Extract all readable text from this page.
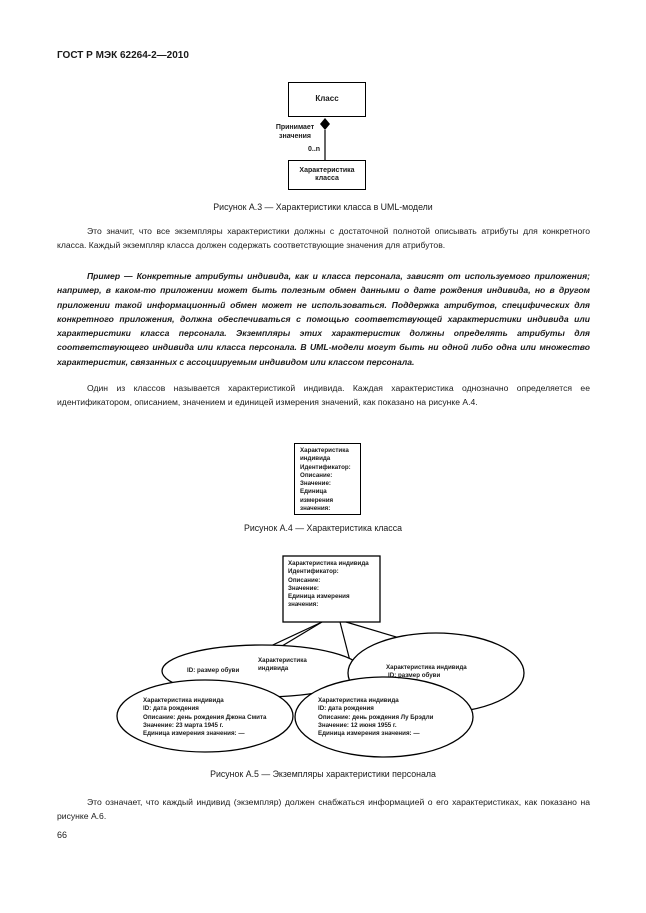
ГОСТ Р МЭК 62264-2—2010
Класс
Принимает
значения
0..n
Характеристика
класса
Рисунок А.3 — Характеристики класса в UML-модели
Это значит, что все экземпляры характеристики должны с достаточной полнотой описывать атрибуты для конкретного класса. Каждый экземпляр класса должен содержать соответствующие значения для атрибутов.
Пример — Конкретные атрибуты индивида, как и класса персонала, зависят от используемого приложения; например, в каком-то приложении может быть полезным обмен данными о дате рождения индивида, но в другом приложении такой информационный обмен может не использоваться. Поддержка атрибутов, специфических для конкретного приложения, должна обеспечиваться с помощью соответствующей характеристики индивида или характеристики класса персонала. Экземпляры этих характеристик должны определять атрибуты для соответствующего индивида или класса персонала. В UML-модели могут быть ни одной либо одна или множество характеристик, связанных с ассоциируемым индивидом или классом персонала.
Один из классов называется характеристикой индивида. Каждая характеристика однозначно определяется ее идентификатором, описанием, значением и единицей измерения значений, как показано на рисунке А.4.
Характеристика
индивида
Идентификатор:
Описание:
Значение:
Единица
измерения
значения:
Рисунок А.4 — Характеристика класса
Характеристика индивида
Идентификатор:
Описание:
Значение:
Единица измерения
значения:
ID: размер обуви
Характеристика
индивида	Характеристика индивида
ID: размер обуви
Характеристика индивида
ID: дата рождения
Описание: день рождения Джона Смита
Значение: 23 марта 1945 г.
Единица измерения значения: —
Характеристика индивида
ID: дата рождения
Описание: день рождения Лу Брэдли
Значение: 12 июня 1955 г.
Единица измерения значения: —
Рисунок А.5 — Экземпляры характеристики персонала
Это означает, что каждый индивид (экземпляр) должен снабжаться информацией о его характеристиках, как показано на рисунке А.6.
66
